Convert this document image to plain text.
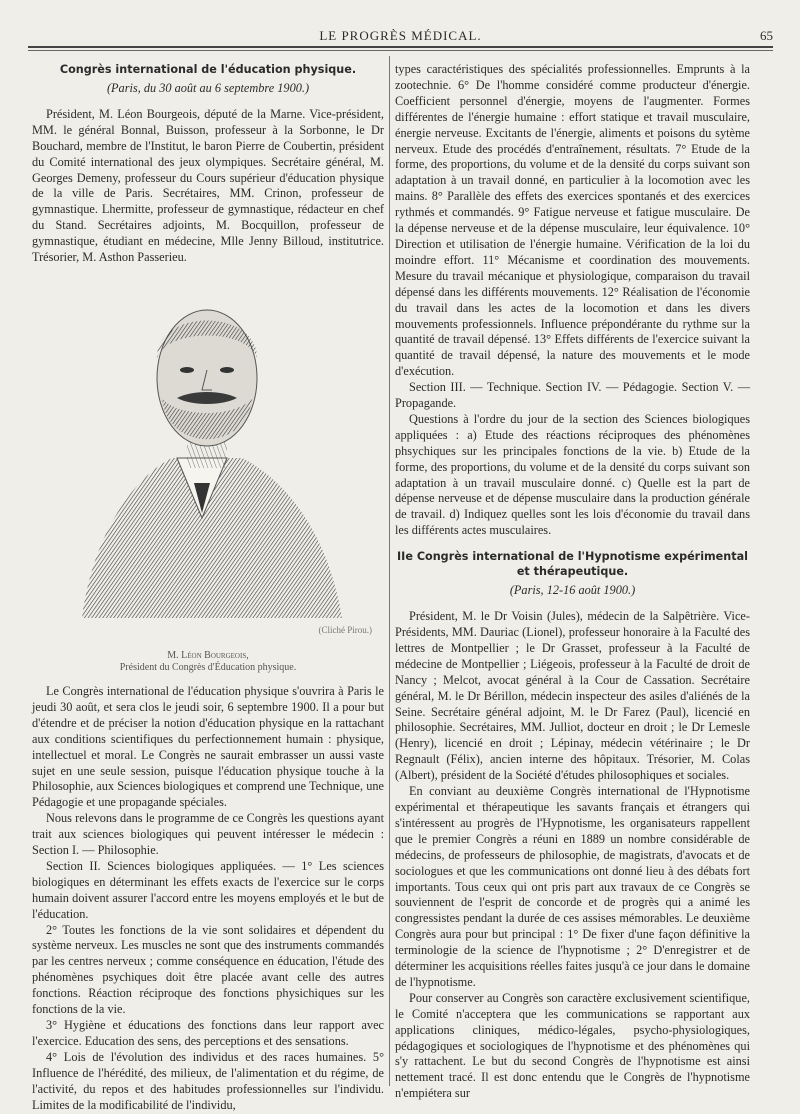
LE PROGRÈS MÉDICAL.	65
Congrès international de l'éducation physique.
(Paris, du 30 août au 6 septembre 1900.)

Président, M. Léon Bourgeois, député de la Marne. Vice-président, MM. le général Bonnal, Buisson, professeur à la Sorbonne, le Dr Bouchard, membre de l'Institut, le baron Pierre de Coubertin, président du Comité international des jeux olympiques. Secrétaire général, M. Georges Demeny, professeur du Cours supérieur d'éducation physique de la ville de Paris. Secrétaires, MM. Crinon, professeur de gymnastique. Lhermitte, professeur de gymnastique, rédacteur en chef du Stand. Secrétaires adjoints, M. Bocquillon, professeur de gymnastique, étudiant en médecine, Mlle Jenny Billoud, institutrice. Trésorier, M. Asthon Passerieu.

(Cliché Pirou.)
M. Léon Bourgeois,
Président du Congrès d'Éducation physique.

Le Congrès international de l'éducation physique s'ouvrira à Paris le jeudi 30 août, et sera clos le jeudi soir, 6 septembre 1900. Il a pour but d'étendre et de préciser la notion d'éducation physique en la rattachant aux conditions scientifiques du perfectionnement humain : physique, intellectuel et moral. Le Congrès ne saurait embrasser un aussi vaste sujet en une seule session, puisque l'éducation physique touche à la Philosophie, aux Sciences biologiques et comprend une Technique, une Pédagogie et une propagande spéciales.

Nous relevons dans le programme de ce Congrès les questions ayant trait aux sciences biologiques qui peuvent intéresser le médecin : Section I. — Philosophie.

Section II. Sciences biologiques appliquées. — 1° Les sciences biologiques en déterminant les effets exacts de l'exercice sur le corps humain doivent assurer l'accord entre les moyens employés et le but de l'éducation.

2° Toutes les fonctions de la vie sont solidaires et dépendent du système nerveux. Les muscles ne sont que des instruments commandés par les centres nerveux ; comme conséquence en éducation, l'étude des phénomènes psychiques doit être placée avant celle des autres fonctions. Réaction réciproque des fonctions physichiques sur les fonctions de la vie.

3° Hygiène et éducations des fonctions dans leur rapport avec l'exercice. Education des sens, des perceptions et des sensations.

4° Lois de l'évolution des individus et des races humaines. 5° Influence de l'hérédité, des milieux, de l'alimentation et du régime, de l'activité, du repos et des habitudes professionnelles sur l'individu. Limites de la modificabilité de l'individu,

types caractéristiques des spécialités professionnelles. Emprunts à la zootechnie. 6° De l'homme considéré comme producteur d'énergie. Coefficient personnel d'énergie, moyens de l'augmenter. Formes différentes de l'énergie humaine : effort statique et travail musculaire, énergie nerveuse. Excitants de l'énergie, aliments et poisons du sytème nerveux. Etude des procédés d'entraînement, résultats. 7° Etude de la forme, des proportions, du volume et de la densité du corps suivant son adaptation à un travail donné, en particulier à la locomotion avec les mains. 8° Parallèle des effets des exercices spontanés et des exercices rythmés et commandés. 9° Fatigue nerveuse et fatigue musculaire. De la dépense nerveuse et de la dépense musculaire, leur équivalence. 10° Direction et utilisation de l'énergie humaine. Vérification de la loi du moindre effort. 11° Mécanisme et coordination des mouvements. Mesure du travail mécanique et physiologique, comparaison du travail dépensé dans les différents mouvements. 12° Réalisation de l'économie du travail dans les actes de la locomotion et dans les divers mouvements professionnels. Influence prépondérante du rythme sur la quantité de travail dépensé. 13° Effets différents de l'exercice suivant la quantité de travail dépensé, la nature des mouvements et le mode d'exécution.

Section III. — Technique. Section IV. — Pédagogie. Section V. — Propagande.

Questions à l'ordre du jour de la section des Sciences biologiques appliquées : a) Etude des réactions réciproques des phénomènes phsychiques sur les principales fonctions de la vie. b) Etude de la forme, des proportions, du volume et de la densité du corps suivant son adaptation à un travail musculaire donné. c) Quelle est la part de dépense nerveuse et de dépense musculaire dans la production générale de travail. d) Indiquez quelles sont les lois d'économie du travail dans les différents actes musculaires.

IIe Congrès international de l'Hypnotisme expérimental et thérapeutique.
(Paris, 12-16 août 1900.)

Président, M. le Dr Voisin (Jules), médecin de la Salpêtrière. Vice-Présidents, MM. Dauriac (Lionel), professeur honoraire à la Faculté des lettres de Montpellier ; le Dr Grasset, professeur à la Faculté de médecine de Montpellier ; Liégeois, professeur à la Faculté de droit de Nancy ; Melcot, avocat général à la Cour de Cassation. Secrétaire général, M. le Dr Bérillon, médecin inspecteur des asiles d'aliénés de la Seine. Secrétaire général adjoint, M. le Dr Farez (Paul), licencié en philosophie. Secrétaires, MM. Julliot, docteur en droit ; le Dr Lemesle (Henry), licencié en droit ; Lépinay, médecin vétérinaire ; le Dr Regnault (Félix), ancien interne des hôpitaux. Trésorier, M. Colas (Albert), président de la Société d'études philosophiques et sociales.

En conviant au deuxième Congrès international de l'Hypnotisme expérimental et thérapeutique les savants français et étrangers qui s'intéressent au progrès de l'Hypnotisme, les organisateurs rappellent que le premier Congrès a réuni en 1889 un nombre considérable de médecins, de professeurs de philosophie, de magistrats, d'avocats et de sociologues et que les communications ont donné lieu à des débats fort importants. Tous ceux qui ont pris part aux travaux de ce Congrès se souviennent de l'esprit de concorde et de progrès qui a animé les congressistes pendant la durée de ces assises mémorables. Le deuxième Congrès aura pour but principal : 1° De fixer d'une façon définitive la terminologie de la science de l'hypnotisme ; 2° D'enregistrer et de déterminer les acquisitions réelles faites jusqu'à ce jour dans le domaine de l'hypnotisme.

Pour conserver au Congrès son caractère exclusivement scientifique, le Comité n'acceptera que les communications se rapportant aux applications cliniques, médico-légales, psycho-physiologiques, pédagogiques et sociologiques de l'hypnotisme et des phénomènes qui s'y rattachent. Le but du second Congrès de l'hypnotisme est ainsi nettement tracé. Il est donc entendu que le Congrès de l'hypnotisme n'empiétera sur
